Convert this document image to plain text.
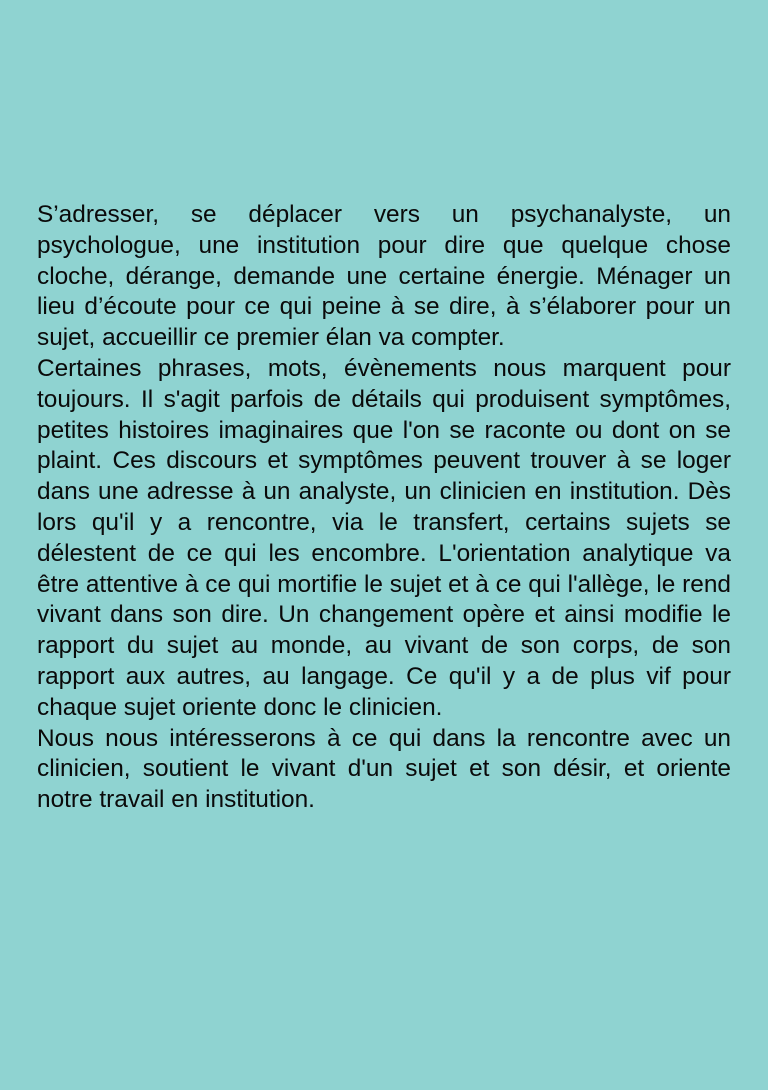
S’adresser, se déplacer vers un psychanalyste, un psychologue, une institution pour dire que quelque chose cloche, dérange, demande une certaine énergie. Ménager un lieu d’écoute pour ce qui peine à se dire, à s’élaborer pour un sujet, accueillir ce premier élan va compter.

Certaines phrases, mots, évènements nous marquent pour toujours. Il s'agit parfois de détails qui produisent symptômes, petites histoires imaginaires que l'on se raconte ou dont on se plaint. Ces discours et symptômes peuvent trouver à se loger dans une adresse à un analyste, un clinicien en institution. Dès lors qu'il y a rencontre, via le transfert, certains sujets se délestent de ce qui les encombre. L'orientation analytique va être attentive à ce qui mortifie le sujet et à ce qui l'allège, le rend vivant dans son dire. Un changement opère et ainsi modifie le rapport du sujet au monde, au vivant de son corps, de son rapport aux autres, au langage. Ce qu'il y a de plus vif pour chaque sujet oriente donc le clinicien.

Nous nous intéresserons à ce qui dans la rencontre avec un clinicien, soutient le vivant d'un sujet et son désir, et oriente notre travail en institution.
